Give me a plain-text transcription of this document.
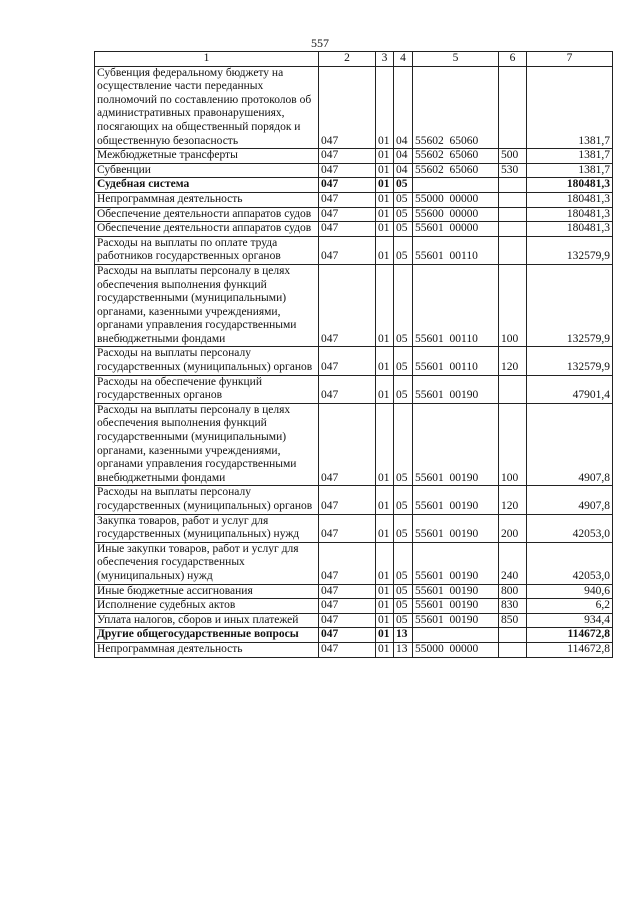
557
1	2	3	4	5	6	7
Субвенция федеральному бюджету на осуществление части переданных полномочий по составлению протоколов об административных правонарушениях, посягающих на общественный порядок и общественную безопасность	047	01	04	55602  65060		1381,7
Межбюджетные трансферты	047	01	04	55602  65060	500	1381,7
Субвенции	047	01	04	55602  65060	530	1381,7
Судебная система	047	01	05			180481,3
Непрограммная деятельность	047	01	05	55000  00000		180481,3
Обеспечение деятельности аппаратов судов	047	01	05	55600  00000		180481,3
Обеспечение деятельности аппаратов судов	047	01	05	55601  00000		180481,3
Расходы на выплаты по оплате труда работников государственных органов	047	01	05	55601  00110		132579,9
Расходы на выплаты персоналу в целях обеспечения выполнения функций государственными (муниципальными) органами, казенными учреждениями, органами управления государственными внебюджетными фондами	047	01	05	55601  00110	100	132579,9
Расходы на выплаты персоналу государственных (муниципальных) органов	047	01	05	55601  00110	120	132579,9
Расходы на обеспечение функций государственных органов	047	01	05	55601  00190		47901,4
Расходы на выплаты персоналу в целях обеспечения выполнения функций государственными (муниципальными) органами, казенными учреждениями, органами управления государственными внебюджетными фондами	047	01	05	55601  00190	100	4907,8
Расходы на выплаты персоналу государственных (муниципальных) органов	047	01	05	55601  00190	120	4907,8
Закупка товаров, работ и услуг для государственных (муниципальных) нужд	047	01	05	55601  00190	200	42053,0
Иные закупки товаров, работ и услуг для обеспечения государственных (муниципальных) нужд	047	01	05	55601  00190	240	42053,0
Иные бюджетные ассигнования	047	01	05	55601  00190	800	940,6
Исполнение судебных актов	047	01	05	55601  00190	830	6,2
Уплата налогов, сборов и иных платежей	047	01	05	55601  00190	850	934,4
Другие общегосударственные вопросы	047	01	13			114672,8
Непрограммная деятельность	047	01	13	55000  00000		114672,8
